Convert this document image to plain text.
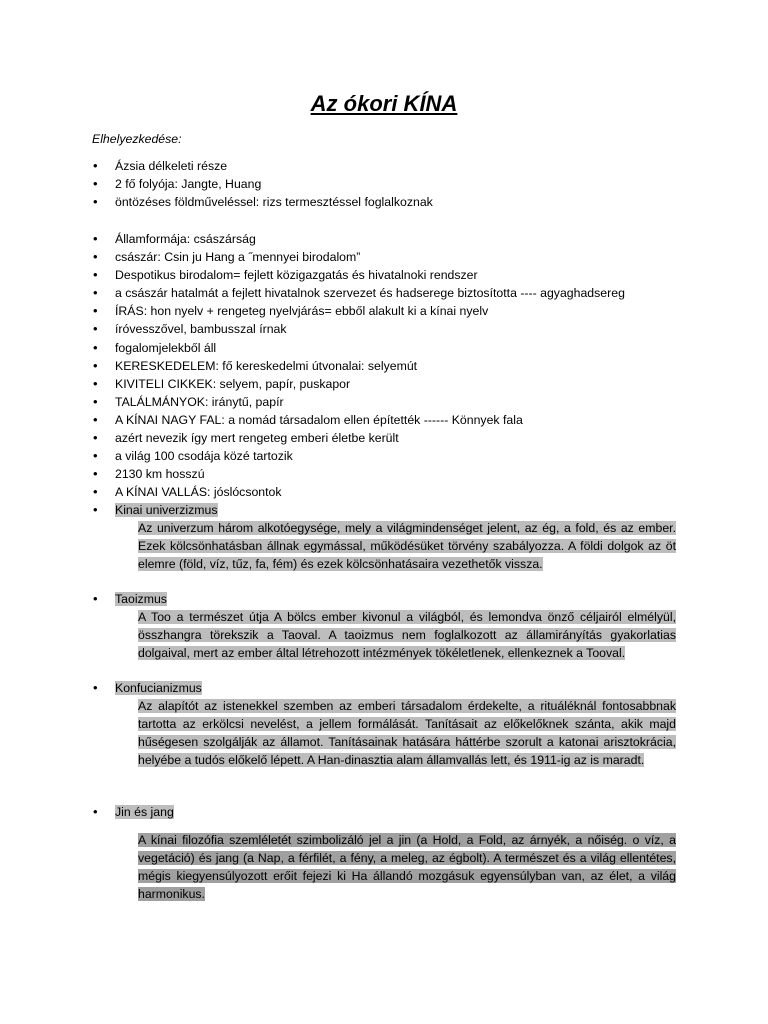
Az ókori KÍNA
Elhelyezkedése:
• Ázsia délkeleti része
• 2 fő folyója: Jangte, Huang
• öntözéses földműveléssel: rizs termesztéssel foglalkoznak
• Államformája: császárság
• császár: Csin ju Hang a ˝mennyei birodalom”
• Despotikus birodalom= fejlett közigazgatás és hivatalnoki rendszer
• a császár hatalmát a fejlett hivatalnok szervezet és hadserege biztosította ---- agyaghadsereg
• ÍRÁS: hon nyelv + rengeteg nyelvjárás= ebből alakult ki a kínai nyelv
• íróvesszővel, bambusszal írnak
• fogalomjelekből áll
• KERESKEDELEM: fő kereskedelmi útvonalai: selyemút
• KIVITELI CIKKEK: selyem, papír, puskapor
• TALÁLMÁNYOK: iránytű, papír
• A KÍNAI NAGY FAL: a nomád társadalom ellen építették ------ Könnyek fala
• azért nevezik így mert rengeteg emberi életbe került
• a világ 100 csodája közé tartozik
• 2130 km hosszú
• A KÍNAI VALLÁS: jóslócsontok
• Kinai univerzizmus
Az univerzum három alkotóegysége, mely a világmindenséget jelent, az ég, a fold, és az ember. Ezek kölcsönhatásban állnak egymással, működésüket törvény szabályozza. A földi dolgok az öt elemre (föld, víz, tűz, fa, fém) és ezek kölcsönhatásaira vezethetők vissza.
• Taoizmus
A Too a természet útja A bölcs ember kivonul a világból, és lemondva önző céljairól elmélyül, összhangra törekszik a Taoval. A taoizmus nem foglalkozott az államirányítás gyakorlatias dolgaival, mert az ember által létrehozott intézmények tökéletlenek, ellenkeznek a Tooval.
• Konfucianizmus
Az alapítót az istenekkel szemben az emberi társadalom érdekelte, a rituáléknál fontosabbnak tartotta az erkölcsi nevelést, a jellem formálását. Tanításait az előkelőknek szánta, akik majd hűségesen szolgálják az államot. Tanításainak hatására háttérbe szorult a katonai arisztokrácia, helyébe a tudós előkelő lépett. A Han-dinasztia alam államvallás lett, és 1911-ig az is maradt.
• Jin és jang
A kínai filozófia szemléletét szimbolizáló jel a jin (a Hold, a Fold, az árnyék, a nőiség. o víz, a vegetáció) és jang (a Nap, a férfilét, a fény, a meleg, az égbolt). A természet és a világ ellentétes, mégis kiegyensúlyozott erőit fejezi ki Ha állandó mozgásuk egyensúlyban van, az élet, a világ harmonikus.
